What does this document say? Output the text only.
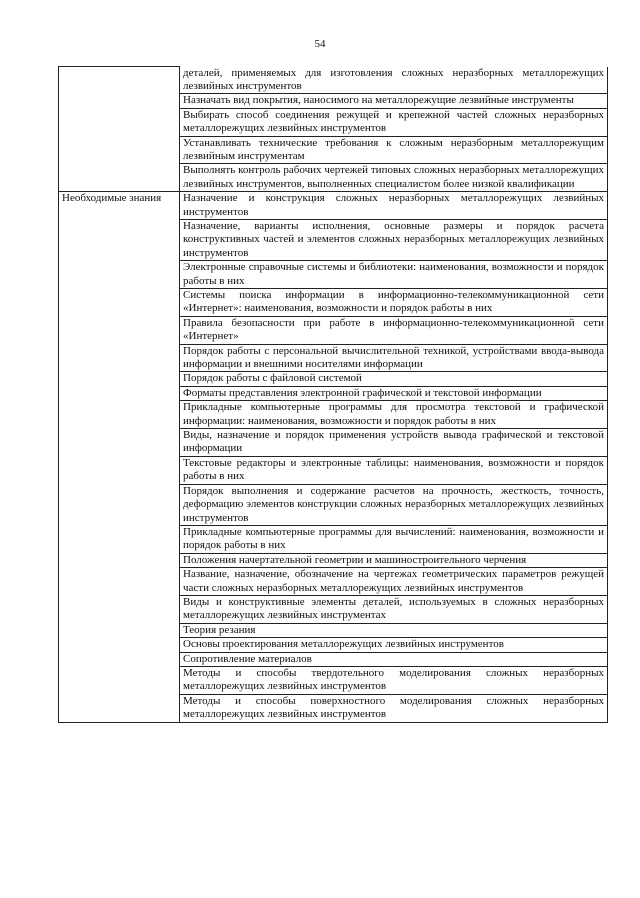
54

	деталей, применяемых для изготовления сложных неразборных металлорежущих лезвийных инструментов

	Назначать вид покрытия, наносимого на металлорежущие лезвийные инструменты

	Выбирать способ соединения режущей и крепежной частей сложных неразборных металлорежущих лезвийных инструментов

	Устанавливать технические требования к сложным неразборным металлорежущим лезвийным инструментам

	Выполнять контроль рабочих чертежей типовых сложных неразборных металлорежущих лезвийных инструментов, выполненных специалистом более низкой квалификации

Необходимые знания	Назначение и конструкция сложных неразборных металлорежущих лезвийных инструментов

	Назначение, варианты исполнения, основные размеры и порядок расчета конструктивных частей и элементов сложных неразборных металлорежущих лезвийных инструментов

	Электронные справочные системы и библиотеки: наименования, возможности и порядок работы в них

	Системы поиска информации в информационно-телекоммуникационной сети «Интернет»: наименования, возможности и порядок работы в них

	Правила безопасности при работе в информационно-телекоммуникационной сети «Интернет»

	Порядок работы с персональной вычислительной техникой, устройствами ввода-вывода информации и внешними носителями информации

	Порядок работы с файловой системой

	Форматы представления электронной графической и текстовой информации

	Прикладные компьютерные программы для просмотра текстовой и графической информации: наименования, возможности и порядок работы в них

	Виды, назначение и порядок применения устройств вывода графической и текстовой информации

	Текстовые редакторы и электронные таблицы: наименования, возможности и порядок работы в них

	Порядок выполнения и содержание расчетов на прочность, жесткость, точность, деформацию элементов конструкции сложных неразборных металлорежущих лезвийных инструментов

	Прикладные компьютерные программы для вычислений: наименования, возможности и порядок работы в них

	Положения начертательной геометрии и машиностроительного черчения

	Название, назначение, обозначение на чертежах геометрических параметров режущей части сложных неразборных металлорежущих лезвийных инструментов

	Виды и конструктивные элементы деталей, используемых в сложных неразборных металлорежущих лезвийных инструментах

	Теория резания

	Основы проектирования металлорежущих лезвийных инструментов

	Сопротивление материалов

	Методы и способы твердотельного моделирования сложных неразборных металлорежущих лезвийных инструментов

	Методы и способы поверхностного моделирования сложных неразборных металлорежущих лезвийных инструментов
